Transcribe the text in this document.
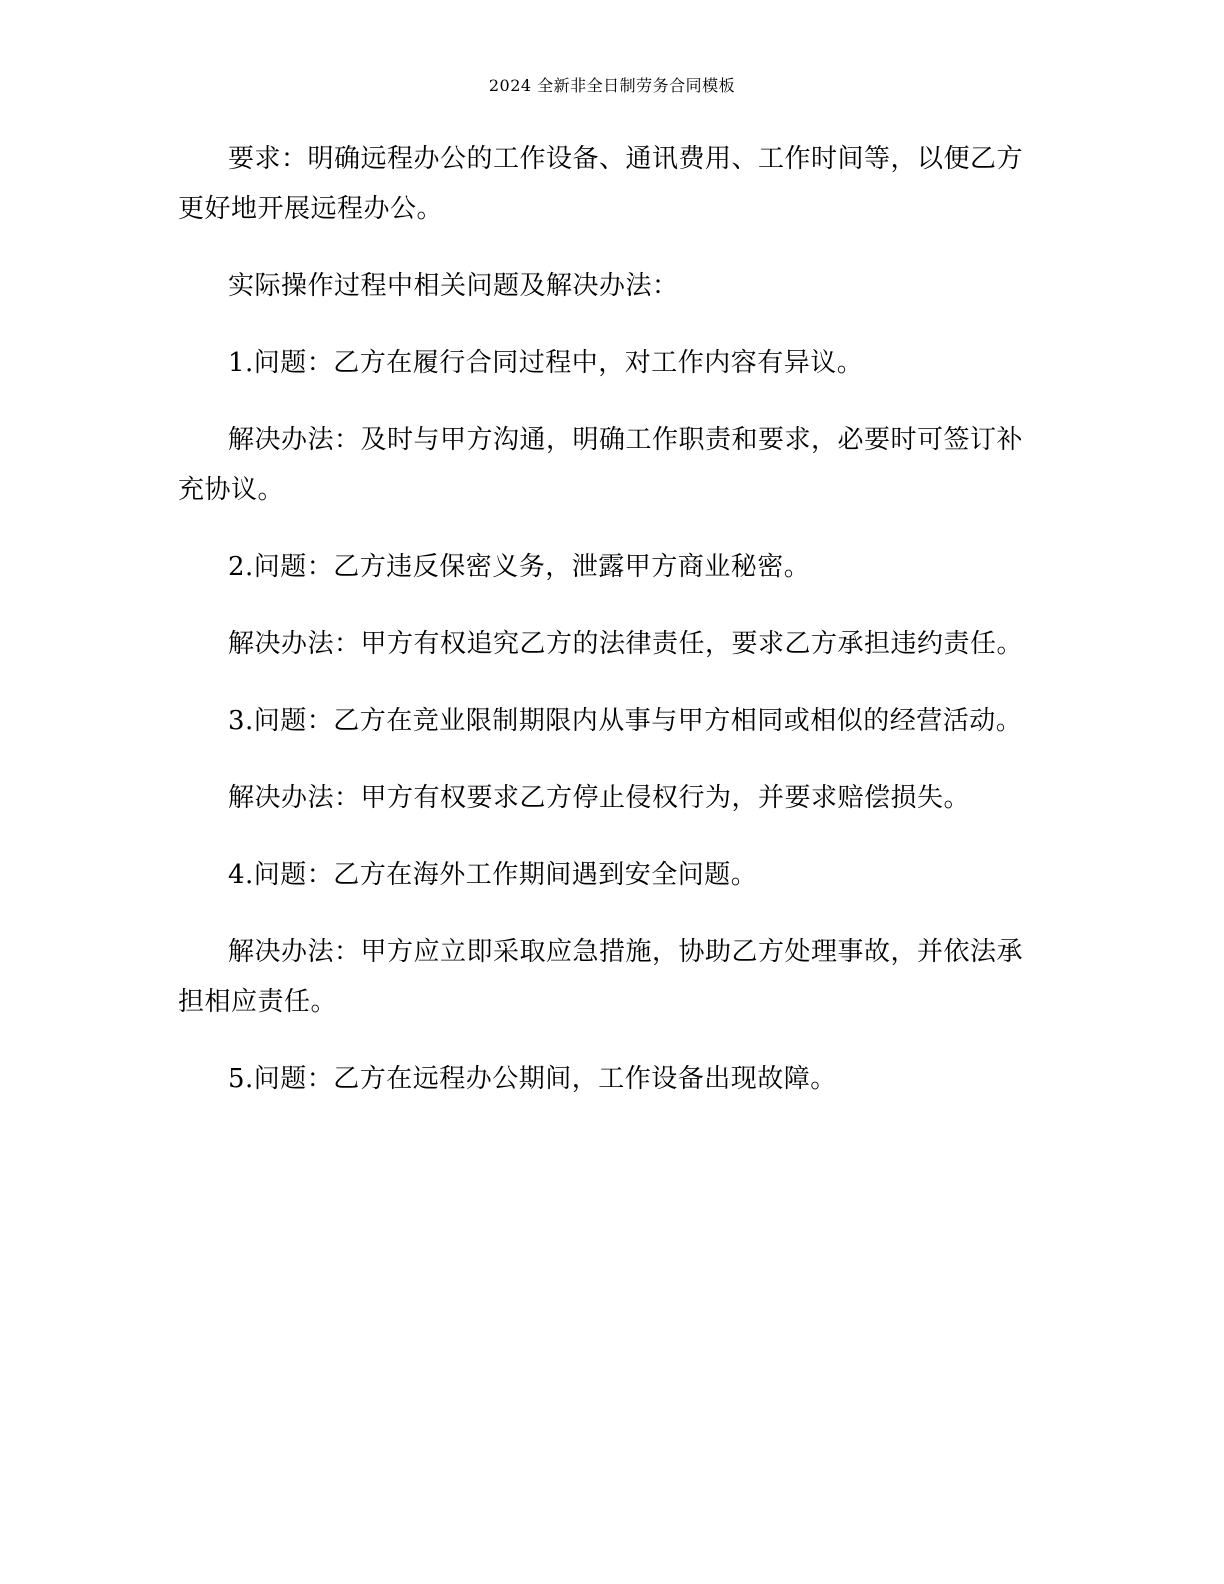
2024 全新非全日制劳务合同模板

要求：明确远程办公的工作设备、通讯费用、工作时间等，以便乙方更好地开展远程办公。

实际操作过程中相关问题及解决办法：

1.问题：乙方在履行合同过程中，对工作内容有异议。

解决办法：及时与甲方沟通，明确工作职责和要求，必要时可签订补充协议。

2.问题：乙方违反保密义务，泄露甲方商业秘密。

解决办法：甲方有权追究乙方的法律责任，要求乙方承担违约责任。

3.问题：乙方在竞业限制期限内从事与甲方相同或相似的经营活动。

解决办法：甲方有权要求乙方停止侵权行为，并要求赔偿损失。

4.问题：乙方在海外工作期间遇到安全问题。

解决办法：甲方应立即采取应急措施，协助乙方处理事故，并依法承担相应责任。

5.问题：乙方在远程办公期间，工作设备出现故障。
